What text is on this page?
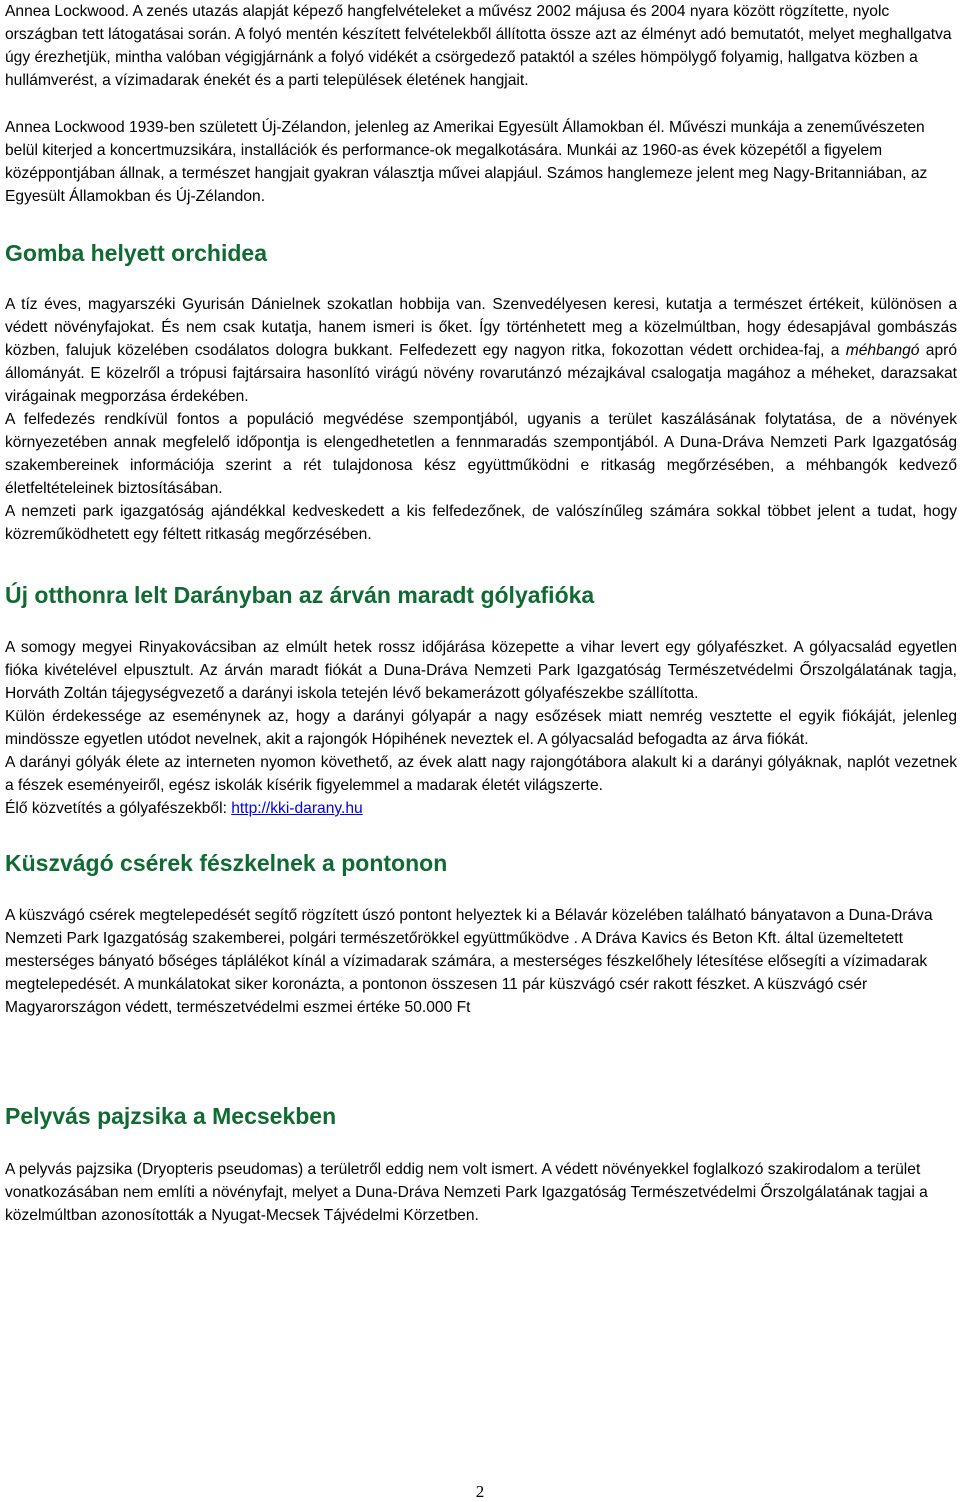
Annea Lockwood. A zenés utazás alapját képező hangfelvételeket a művész 2002 májusa és 2004 nyara között rögzítette, nyolc országban tett látogatásai során. A folyó mentén készített felvételekből állította össze azt az élményt adó bemutatót, melyet meghallgatva úgy érezhetjük, mintha valóban végigjárnánk a folyó vidékét a csörgedező pataktól a széles hömpölygő folyamig, hallgatva közben a hullámverést, a vízimadarak énekét és a parti települések életének hangjait.

Annea Lockwood 1939-ben született Új-Zélandon, jelenleg az Amerikai Egyesült Államokban él. Művészi munkája a zeneművészeten belül kiterjed a koncertmuzsikára, installációk és performance-ok megalkotására. Munkái az 1960-as évek közepétől a figyelem középpontjában állnak, a természet hangjait gyakran választja művei alapjául. Számos hanglemeze jelent meg Nagy-Britanniában, az Egyesült Államokban és Új-Zélandon.

Gomba helyett orchidea

A tíz éves, magyarszéki Gyurisán Dánielnek szokatlan hobbija van. Szenvedélyesen keresi, kutatja a természet értékeit, különösen a védett növényfajokat. És nem csak kutatja, hanem ismeri is őket. Így történhetett meg a közelmúltban, hogy édesapjával gombászás közben, falujuk közelében csodálatos dologra bukkant. Felfedezett egy nagyon ritka, fokozottan védett orchidea-faj, a méhbangó apró állományát. E közelről a trópusi fajtársaira hasonlító virágú növény rovarutánzó mézajkával csalogatja magához a méheket, darazsakat virágainak megporzása érdekében.

A felfedezés rendkívül fontos a populáció megvédése szempontjából, ugyanis a terület kaszálásának folytatása, de a növények környezetében annak megfelelő időpontja is elengedhetetlen a fennmaradás szempontjából. A Duna-Dráva Nemzeti Park Igazgatóság szakembereinek információja szerint a rét tulajdonosa kész együttműködni e ritkaság megőrzésében, a méhbangók kedvező életfeltételeinek biztosításában.

A nemzeti park igazgatóság ajándékkal kedveskedett a kis felfedezőnek, de valószínűleg számára sokkal többet jelent a tudat, hogy közreműködhetett egy féltett ritkaság megőrzésében.

Új otthonra lelt Darányban az árván maradt gólyafióka

A somogy megyei Rinyakovácsiban az elmúlt hetek rossz időjárása közepette a vihar levert egy gólyafészket. A gólyacsalád egyetlen fióka kivételével elpusztult. Az árván maradt fiókát a Duna-Dráva Nemzeti Park Igazgatóság Természetvédelmi Őrszolgálatának tagja, Horváth Zoltán tájegységvezető a darányi iskola tetején lévő bekamerázott gólyafészekbe szállította.

Külön érdekessége az eseménynek az, hogy a darányi gólyapár a nagy esőzések miatt nemrég vesztette el egyik fiókáját, jelenleg mindössze egyetlen utódot nevelnek, akit a rajongók Hópihének neveztek el. A gólyacsalád befogadta az árva fiókát.

A darányi gólyák élete az interneten nyomon követhető, az évek alatt nagy rajongótábora alakult ki a darányi gólyáknak, naplót vezetnek a fészek eseményeiről, egész iskolák kísérik figyelemmel a madarak életét világszerte.

Élő közvetítés a gólyafészekből: http://kki-darany.hu

Küszvágó csérek fészkelnek a pontonon

A küszvágó csérek megtelepedését segítő rögzített úszó pontont helyeztek ki a Bélavár közelében található bányatavon a Duna-Dráva Nemzeti Park Igazgatóság szakemberei, polgári természetőrökkel együttműködve . A Dráva Kavics és Beton Kft. által üzemeltetett mesterséges bányató bőséges táplálékot kínál a vízimadarak számára, a mesterséges fészkelőhely létesítése elősegíti a vízimadarak megtelepedését. A munkálatokat siker koronázta, a pontonon összesen 11 pár küszvágó csér rakott fészket. A küszvágó csér Magyarországon védett, természetvédelmi eszmei értéke 50.000 Ft

Pelyvás pajzsika a Mecsekben

A pelyvás pajzsika (Dryopteris pseudomas) a területről eddig nem volt ismert. A védett növényekkel foglalkozó szakirodalom a terület vonatkozásában nem említi a növényfajt, melyet a Duna-Dráva Nemzeti Park Igazgatóság Természetvédelmi Őrszolgálatának tagjai a közelmúltban azonosították a Nyugat-Mecsek Tájvédelmi Körzetben.

2
